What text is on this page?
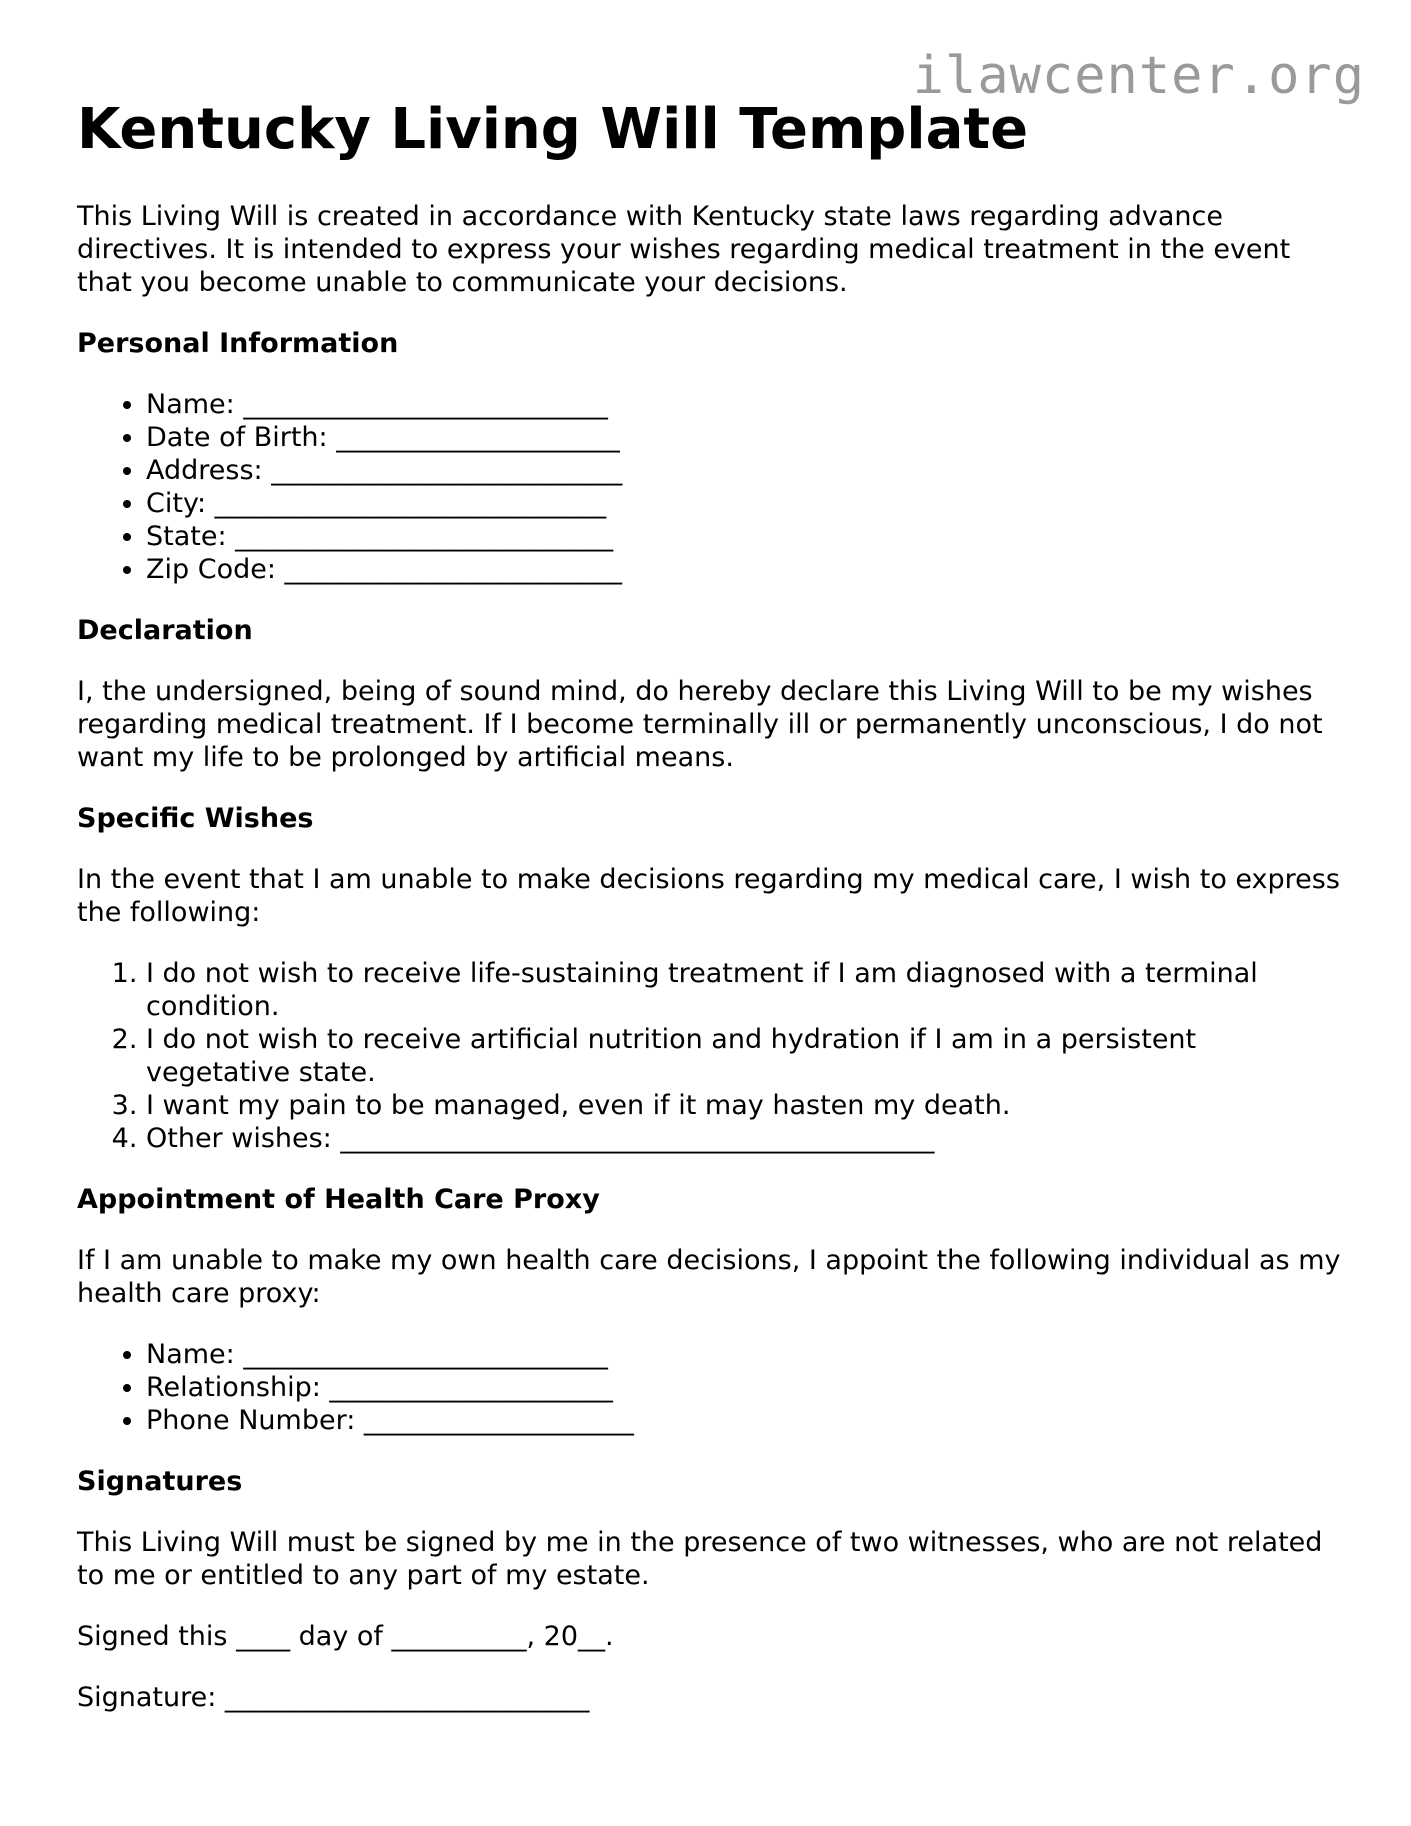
ilawcenter.org
Kentucky Living Will Template

This Living Will is created in accordance with Kentucky state laws regarding advance directives. It is intended to express your wishes regarding medical treatment in the event that you become unable to communicate your decisions.

Personal Information
• Name: ___________________________
• Date of Birth: _____________________
• Address: __________________________
• City: _____________________________
• State: ____________________________
• Zip Code: _________________________
Declaration

I, the undersigned, being of sound mind, do hereby declare this Living Will to be my wishes regarding medical treatment. If I become terminally ill or permanently unconscious, I do not want my life to be prolonged by artificial means.

Specific Wishes

In the event that I am unable to make decisions regarding my medical care, I wish to express the following:

1. I do not wish to receive life-sustaining treatment if I am diagnosed with a terminal condition.
2. I do not wish to receive artificial nutrition and hydration if I am in a persistent vegetative state.
3. I want my pain to be managed, even if it may hasten my death.
4. Other wishes: ____________________________________________
Appointment of Health Care Proxy

If I am unable to make my own health care decisions, I appoint the following individual as my health care proxy:

• Name: ___________________________
• Relationship: _____________________
• Phone Number: ____________________
Signatures

This Living Will must be signed by me in the presence of two witnesses, who are not related to me or entitled to any part of my estate.

Signed this ____ day of __________, 20__.

Signature: ___________________________
